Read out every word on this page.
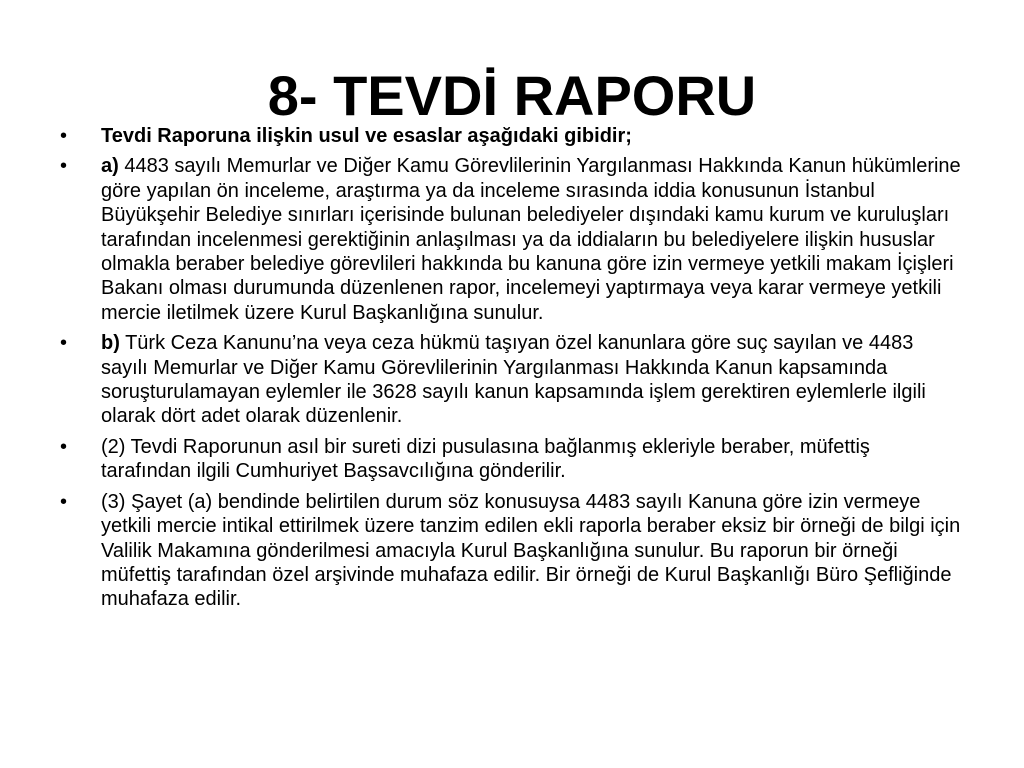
8- TEVDİ RAPORU
•	Tevdi Raporuna ilişkin usul ve esaslar aşağıdaki gibidir;
•	a) 4483 sayılı Memurlar ve Diğer Kamu Görevlilerinin Yargılanması Hakkında Kanun hükümlerine göre yapılan ön inceleme, araştırma ya da inceleme sırasında iddia konusunun İstanbul Büyükşehir Belediye sınırları içerisinde bulunan belediyeler dışındaki kamu kurum ve kuruluşları tarafından incelenmesi gerektiğinin anlaşılması ya da iddiaların bu belediyelere ilişkin hususlar olmakla beraber belediye görevlileri hakkında bu kanuna göre izin vermeye yetkili makam İçişleri Bakanı olması durumunda düzenlenen rapor, incelemeyi yaptırmaya veya karar vermeye yetkili mercie iletilmek üzere Kurul Başkanlığına sunulur.
•	b) Türk Ceza Kanunu’na veya ceza hükmü taşıyan özel kanunlara göre suç sayılan ve 4483 sayılı Memurlar ve Diğer Kamu Görevlilerinin Yargılanması Hakkında Kanun kapsamında soruşturulamayan eylemler ile 3628 sayılı kanun kapsamında işlem gerektiren eylemlerle ilgili olarak dört adet olarak düzenlenir.
•	(2) Tevdi Raporunun asıl bir sureti dizi pusulasına bağlanmış ekleriyle beraber, müfettiş tarafından ilgili Cumhuriyet Başsavcılığına gönderilir.
•	(3) Şayet (a) bendinde belirtilen durum söz konusuysa 4483 sayılı Kanuna göre izin vermeye yetkili mercie intikal ettirilmek üzere tanzim edilen ekli raporla beraber eksiz bir örneği de bilgi için Valilik Makamına gönderilmesi amacıyla Kurul Başkanlığına sunulur. Bu raporun bir örneği müfettiş tarafından özel arşivinde muhafaza edilir. Bir örneği de Kurul Başkanlığı Büro Şefliğinde muhafaza edilir.
